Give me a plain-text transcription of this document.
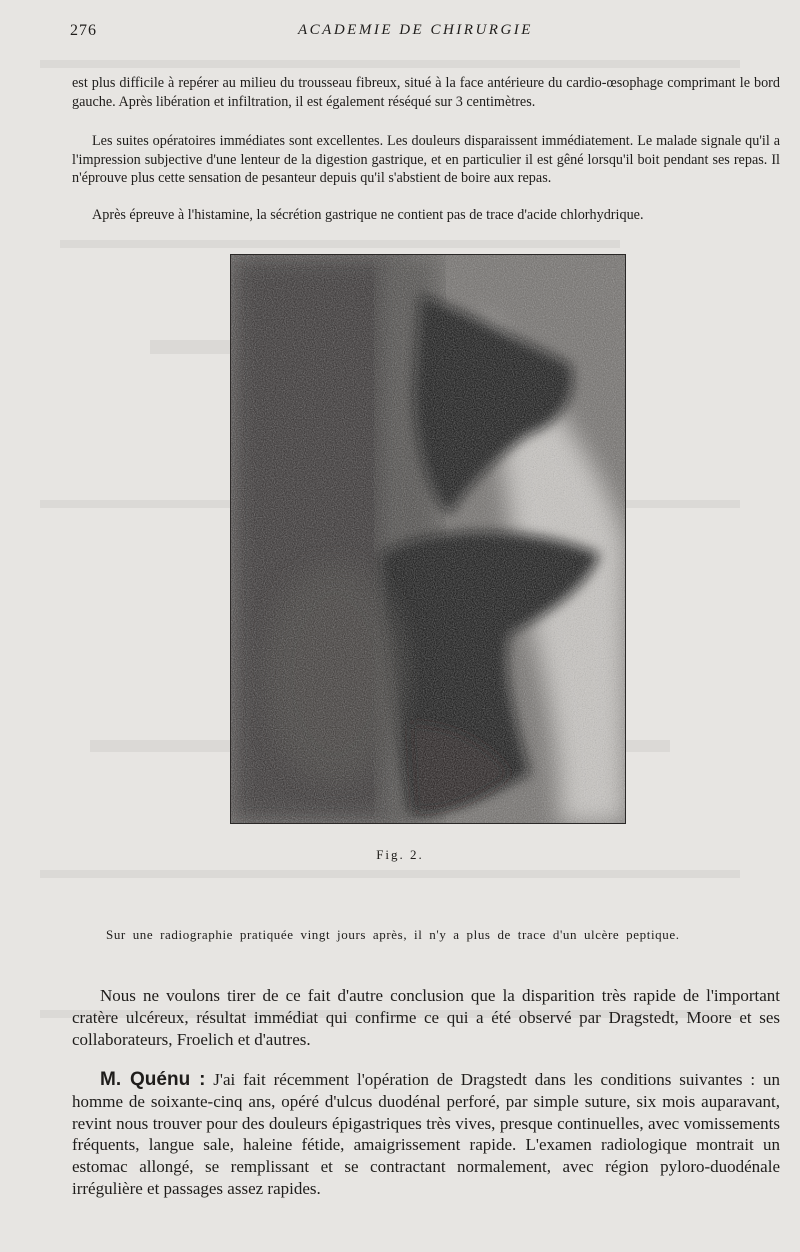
276	ACADEMIE DE CHIRURGIE

est plus difficile à repérer au milieu du trousseau fibreux, situé à la face antérieure du cardio-œsophage comprimant le bord gauche. Après libération et infiltration, il est également réséqué sur 3 centimètres.

Les suites opératoires immédiates sont excellentes. Les douleurs disparaissent immédiatement. Le malade signale qu'il a l'impression subjective d'une lenteur de la digestion gastrique, et en particulier il est gêné lorsqu'il boit pendant ses repas. Il n'éprouve plus cette sensation de pesanteur depuis qu'il s'abstient de boire aux repas.

Après épreuve à l'histamine, la sécrétion gastrique ne contient pas de trace d'acide chlorhydrique.

Fig. 2.

Sur une radiographie pratiquée vingt jours après, il n'y a plus de trace d'un ulcère peptique.

Nous ne voulons tirer de ce fait d'autre conclusion que la disparition très rapide de l'important cratère ulcéreux, résultat immédiat qui confirme ce qui a été observé par Dragstedt, Moore et ses collaborateurs, Froelich et d'autres.

M. Quénu : J'ai fait récemment l'opération de Dragstedt dans les conditions suivantes : un homme de soixante-cinq ans, opéré d'ulcus duodénal perforé, par simple suture, six mois auparavant, revint nous trouver pour des douleurs épigastriques très vives, presque continuelles, avec vomissements fréquents, langue sale, haleine fétide, amaigrissement rapide. L'examen radiologique montrait un estomac allongé, se remplissant et se contractant normalement, avec région pyloro-duodénale irrégulière et passages assez rapides.
